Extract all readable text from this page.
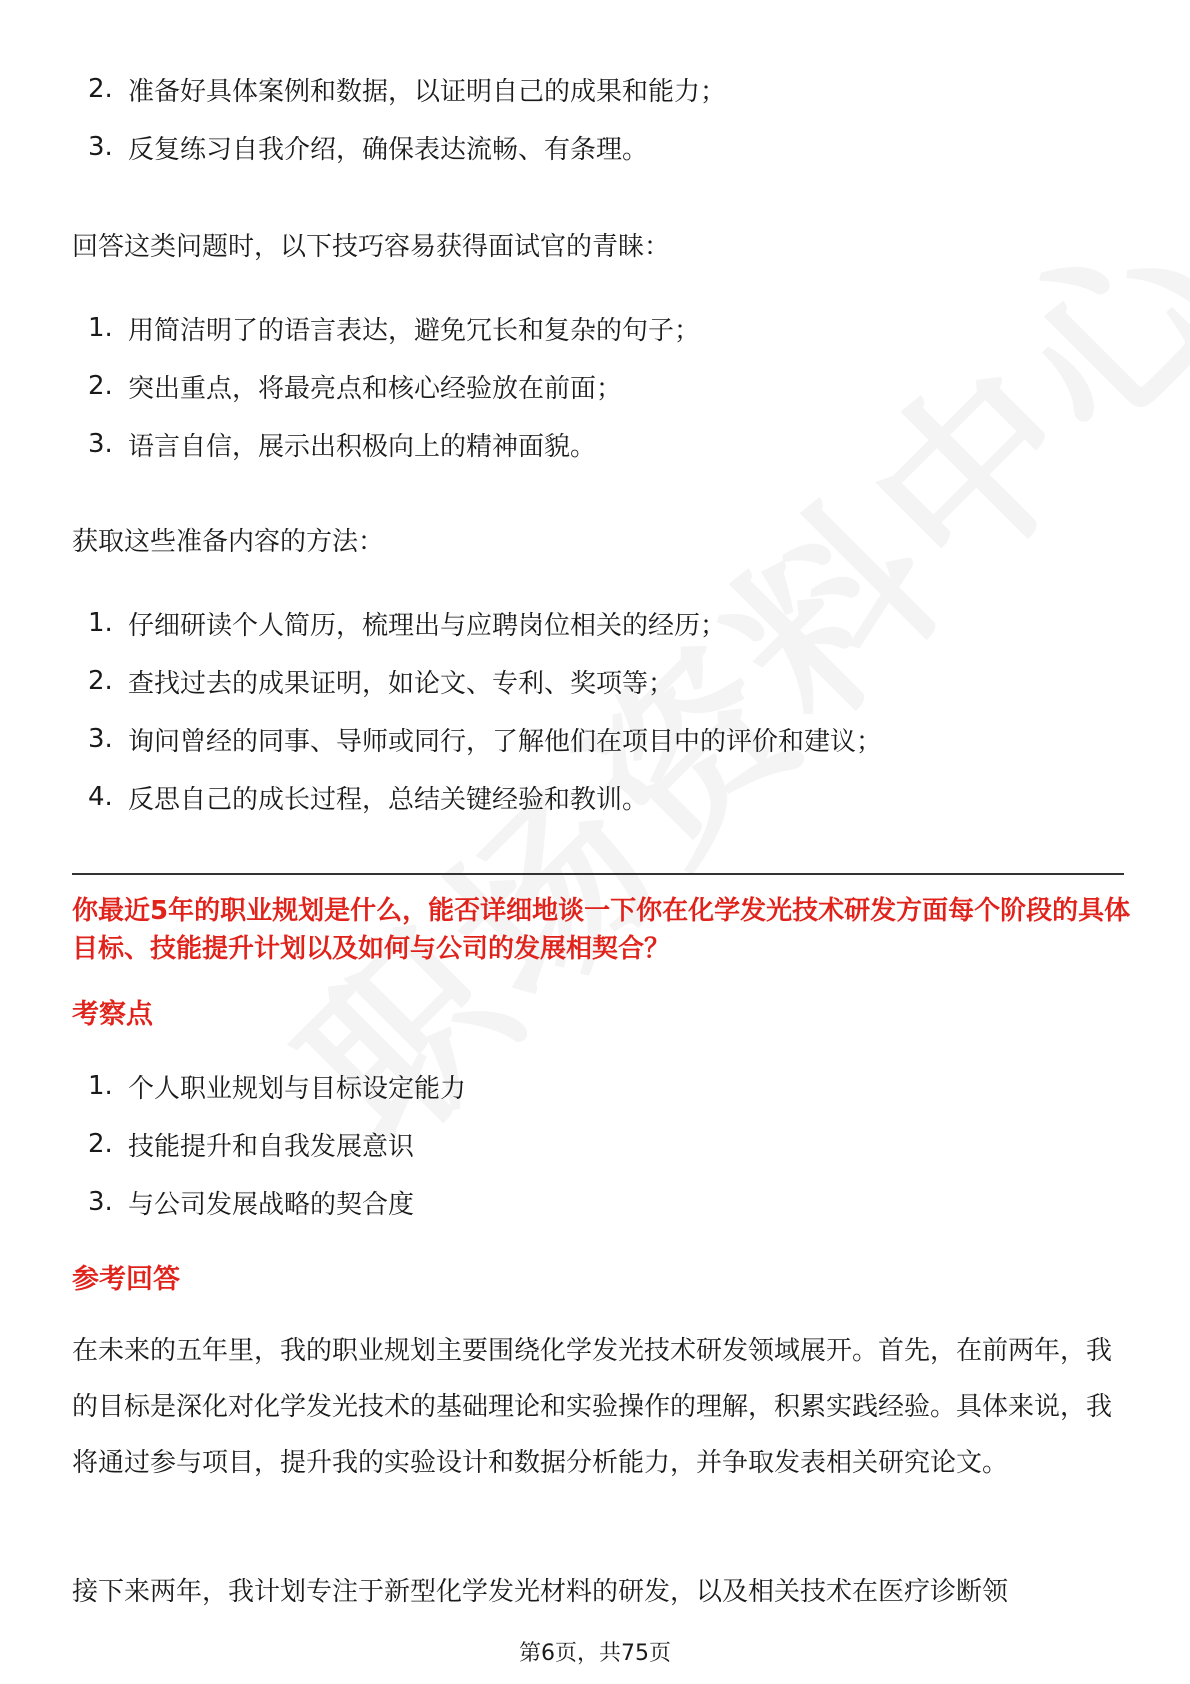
2. 准备好具体案例和数据，以证明自己的成果和能力；
3. 反复练习自我介绍，确保表达流畅、有条理。

回答这类问题时，以下技巧容易获得面试官的青睐：

1. 用简洁明了的语言表达，避免冗长和复杂的句子；
2. 突出重点，将最亮点和核心经验放在前面；
3. 语言自信，展示出积极向上的精神面貌。

获取这些准备内容的方法：

1. 仔细研读个人简历，梳理出与应聘岗位相关的经历；
2. 查找过去的成果证明，如论文、专利、奖项等；
3. 询问曾经的同事、导师或同行，了解他们在项目中的评价和建议；
4. 反思自己的成长过程，总结关键经验和教训。

你最近5年的职业规划是什么，能否详细地谈一下你在化学发光技术研发方面每个阶段的具体目标、技能提升计划以及如何与公司的发展相契合？

考察点

1. 个人职业规划与目标设定能力
2. 技能提升和自我发展意识
3. 与公司发展战略的契合度

参考回答

在未来的五年里，我的职业规划主要围绕化学发光技术研发领域展开。首先，在前两年，我的目标是深化对化学发光技术的基础理论和实验操作的理解，积累实践经验。具体来说，我将通过参与项目，提升我的实验设计和数据分析能力，并争取发表相关研究论文。

接下来两年，我计划专注于新型化学发光材料的研发，以及相关技术在医疗诊断领

第6页，共75页
